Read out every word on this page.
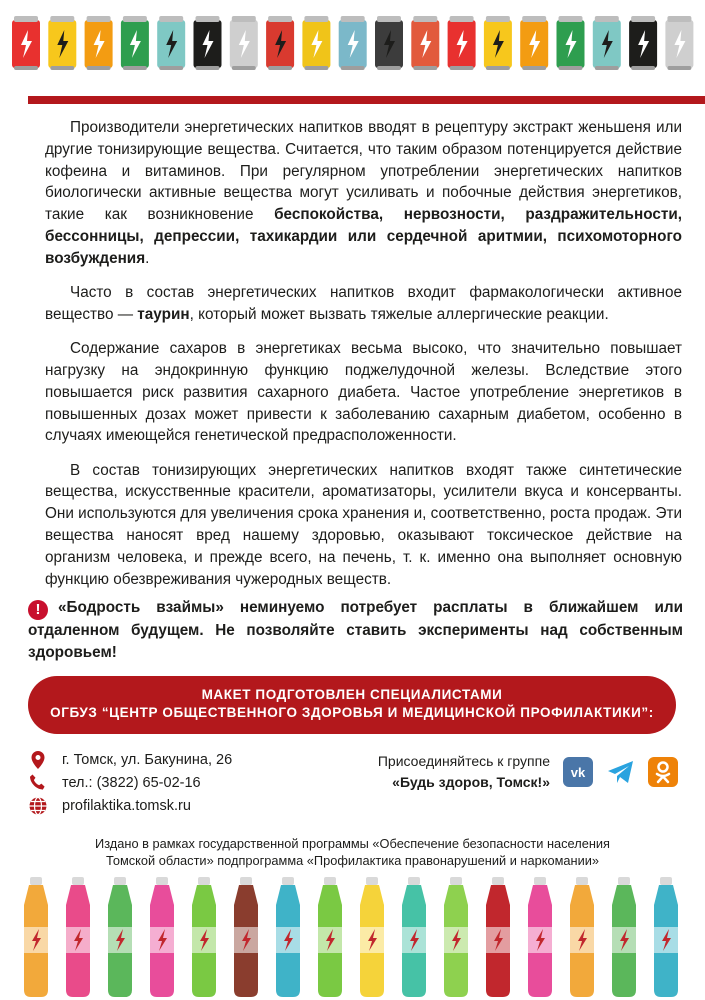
Производители энергетических напитков вводят в рецептуру экстракт женьшеня или другие тонизирующие вещества. Считается, что таким образом потенцируется действие кофеина и витаминов. При регулярном употреблении энергетических напитков биологически активные вещества могут усиливать и побочные действия энергетиков, такие как возникновение беспокойства, нервозности, раздражительности, бессонницы, депрессии, тахикардии или сердечной аритмии, психомоторного возбуждения.

Часто в состав энергетических напитков входит фармакологически активное вещество — таурин, который может вызвать тяжелые аллергические реакции.

Содержание сахаров в энергетиках весьма высоко, что значительно повышает нагрузку на эндокринную функцию поджелудочной железы. Вследствие этого повышается риск развития сахарного диабета. Частое употребление энергетиков в повышенных дозах может привести к заболеванию сахарным диабетом, особенно в случаях имеющейся генетической предрасположенности.

В состав тонизирующих энергетических напитков входят также синтетические вещества, искусственные красители, ароматизаторы, усилители вкуса и консерванты. Они используются для увеличения срока хранения и, соответственно, роста продаж. Эти вещества наносят вред нашему здоровью, оказывают токсическое действие на организм человека, и прежде всего, на печень, т. к. именно она выполняет основную функцию обезвреживания чужеродных веществ.

! «Бодрость взаймы» неминуемо потребует расплаты в ближайшем или отдаленном будущем. Не позволяйте ставить эксперименты над собственным здоровьем!
МАКЕТ ПОДГОТОВЛЕН СПЕЦИАЛИСТАМИ
ОГБУЗ “ЦЕНТР ОБЩЕСТВЕННОГО ЗДОРОВЬЯ И МЕДИЦИНСКОЙ ПРОФИЛАКТИКИ”:
г. Томск, ул. Бакунина, 26
тел.: (3822) 65-02-16
profilaktika.tomsk.ru
Присоединяйтесь к группе
«Будь здоров, Томск!»
vk
Издано в рамках государственной программы «Обеспечение безопасности населения
Томской области» подпрограмма «Профилактика правонарушений и наркомании»
